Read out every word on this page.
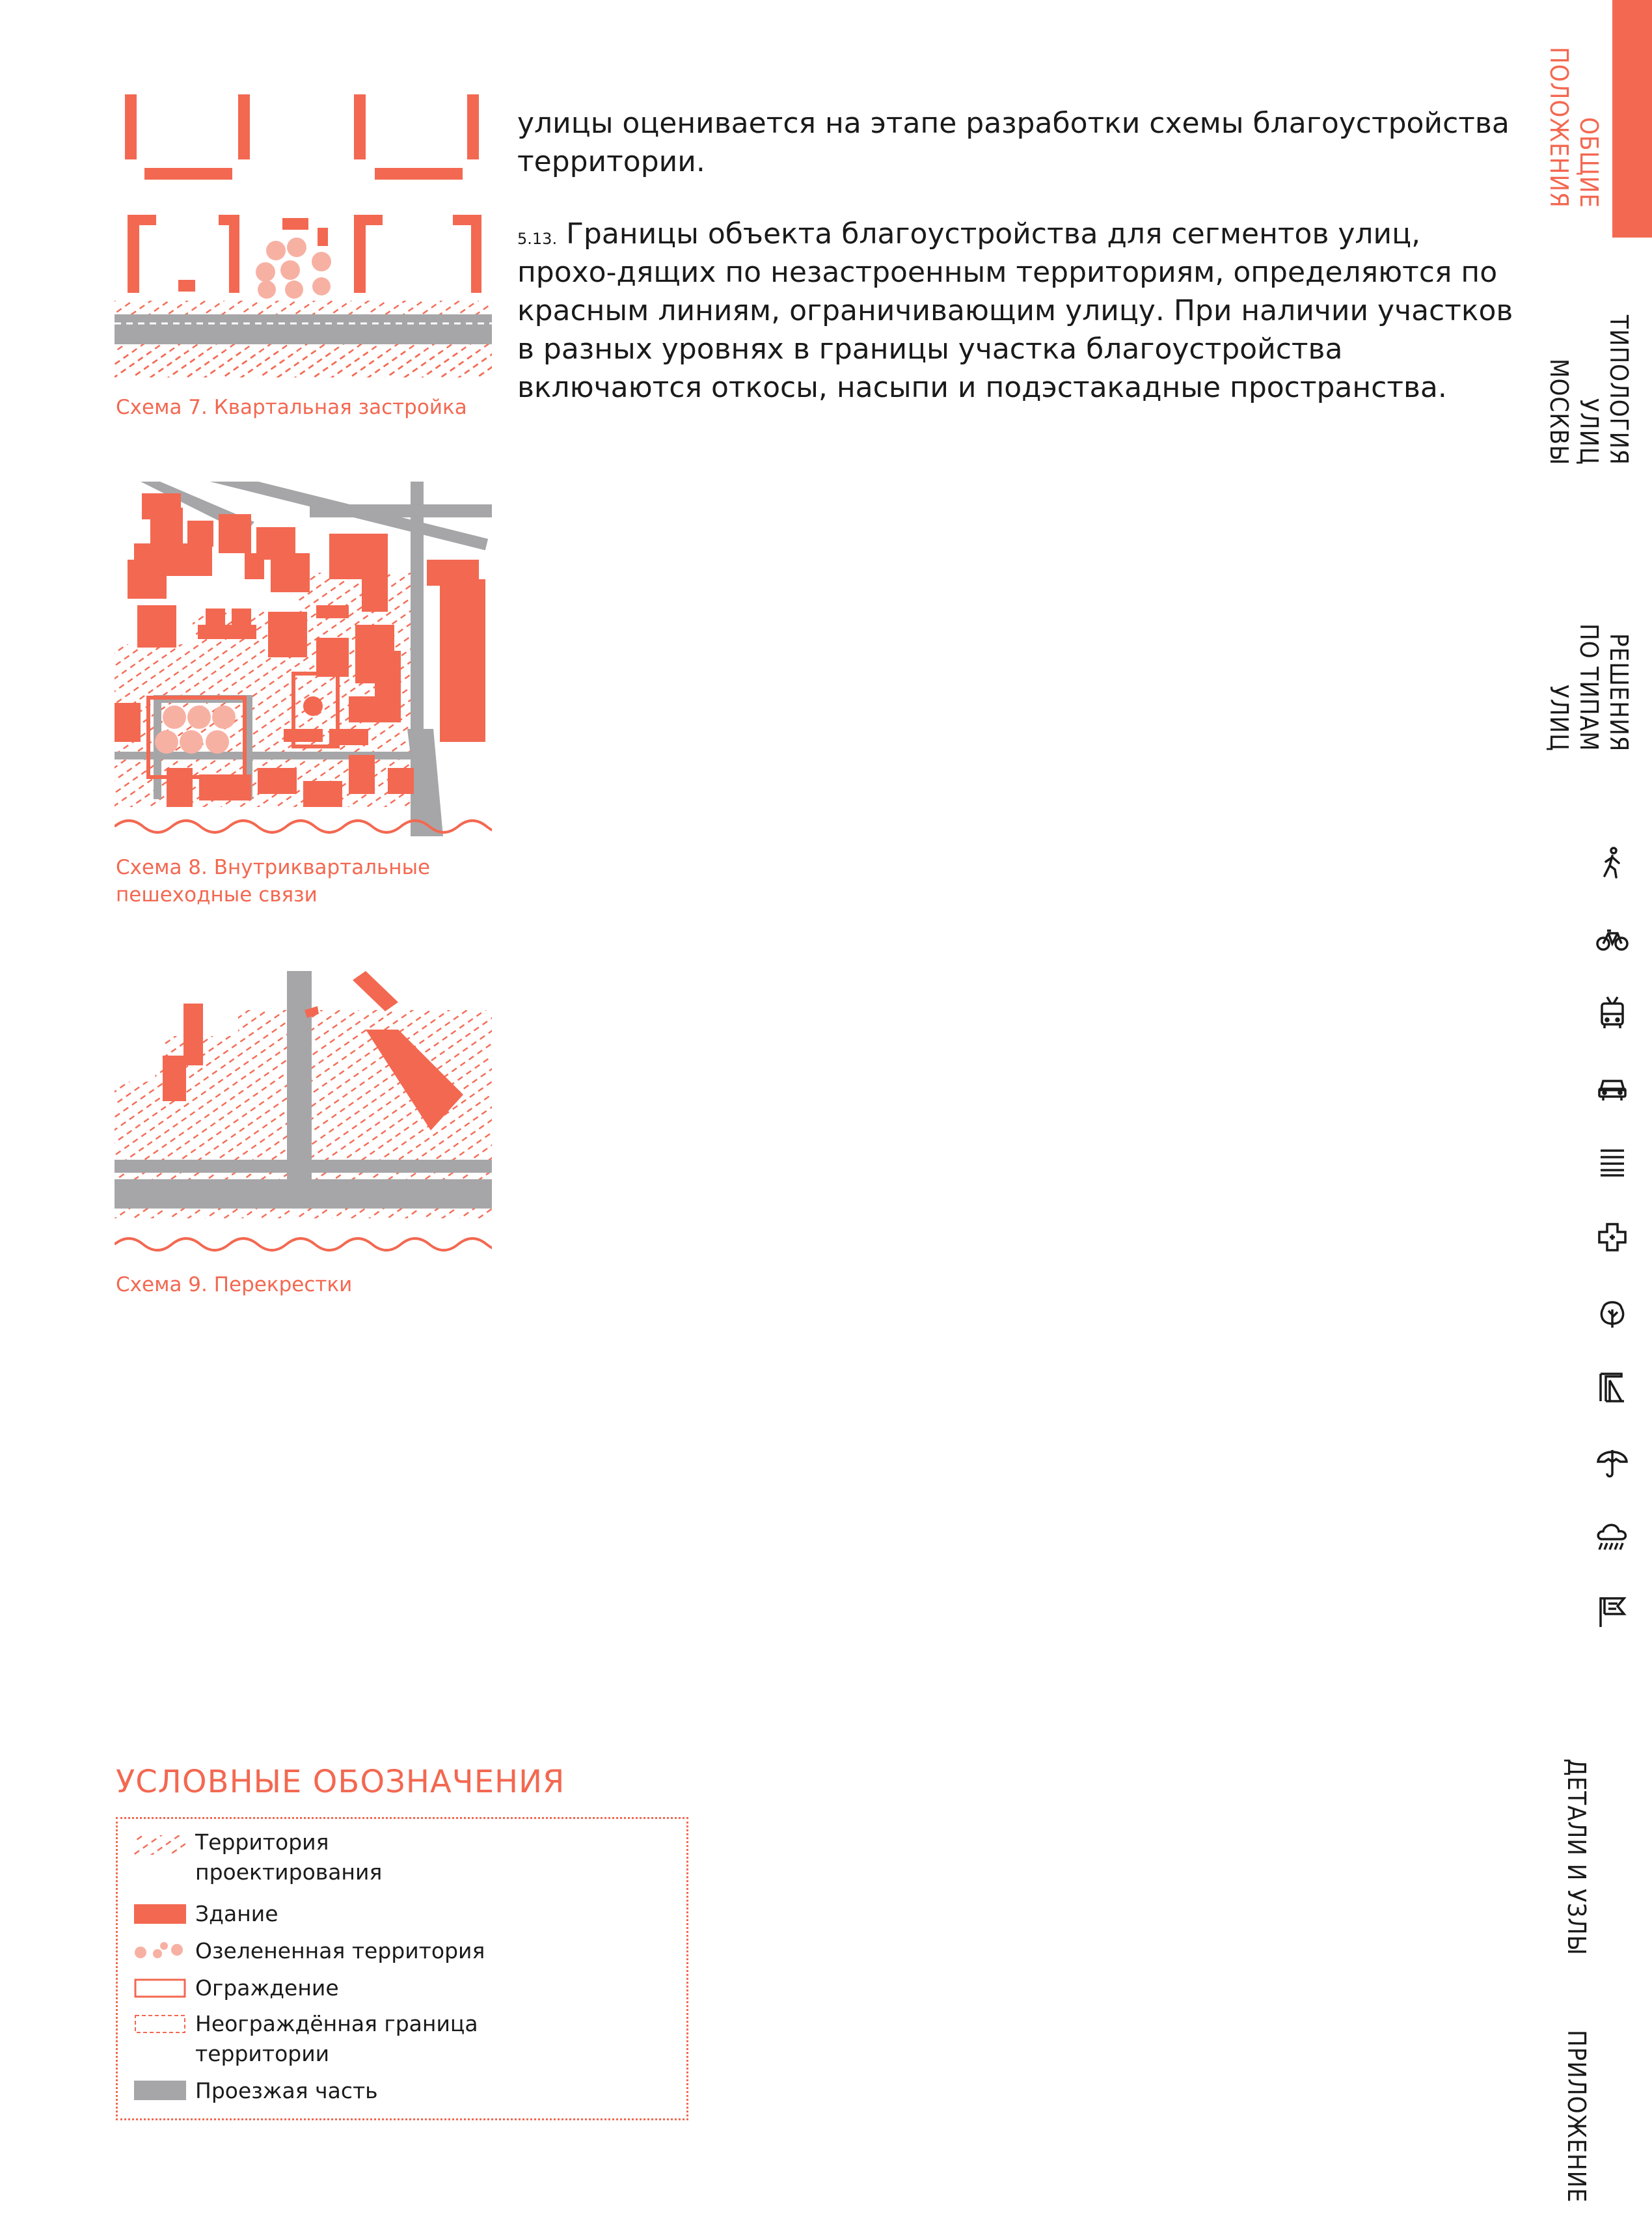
улицы оценивается на этапе разработки схемы благоустройства территории.
$^{5.13.}$ Границы объекта благоустройства для сегментов улиц, прохо-дящих по незастроенным территориям, определяются по красным линиям, ограничивающим улицу. При наличии участков в разных уровнях в границы участка благоустройства включаются откосы, насыпи и подэстакадные пространства.
Схема 7. Квартальная застройка
Схема 8. Внутриквартальные
пешеходные связи
Схема 9. Перекрестки
ОБЩИЕ
ПОЛОЖЕНИЯ
ТИПОЛОГИЯ
УЛИЦ МОСКВЫ
РЕШЕНИЯ
ПО ТИПАМ УЛИЦ
ДЕТАЛИ И УЗЛЫ
ПРИЛОЖЕНИЕ
УСЛОВНЫЕ ОБОЗНАЧЕНИЯ
Территория
проектирования
Здание
Озелененная территория
Ограждение
Неограждённая граница
территории
Проезжая часть
